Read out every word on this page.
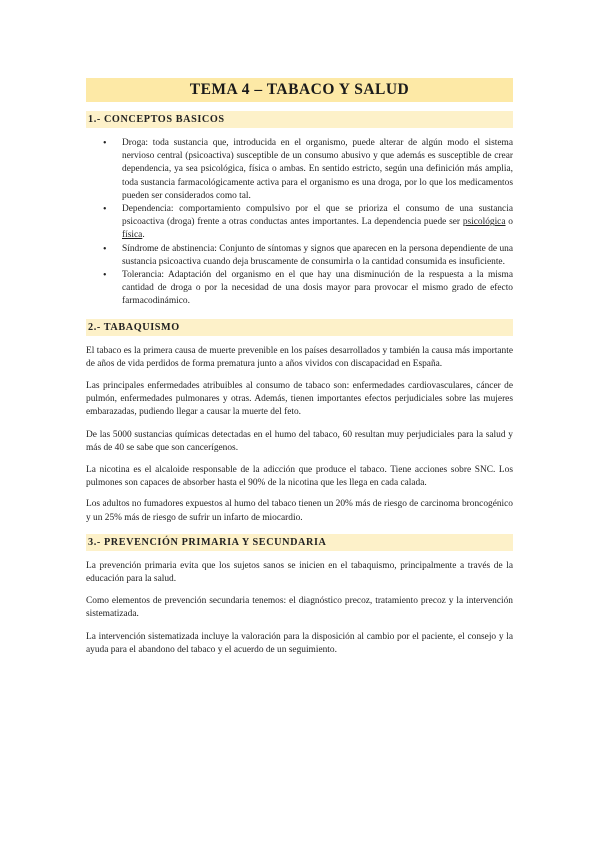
TEMA 4 – TABACO Y SALUD
1.- CONCEPTOS BASICOS
• Droga: toda sustancia que, introducida en el organismo, puede alterar de algún modo el sistema nervioso central (psicoactiva) susceptible de un consumo abusivo y que además es susceptible de crear dependencia, ya sea psicológica, física o ambas. En sentido estricto, según una definición más amplia, toda sustancia farmacológicamente activa para el organismo es una droga, por lo que los medicamentos pueden ser considerados como tal.
• Dependencia: comportamiento compulsivo por el que se prioriza el consumo de una sustancia psicoactiva (droga) frente a otras conductas antes importantes. La dependencia puede ser psicológica o física.
• Síndrome de abstinencia: Conjunto de síntomas y signos que aparecen en la persona dependiente de una sustancia psicoactiva cuando deja bruscamente de consumirla o la cantidad consumida es insuficiente.
• Tolerancia: Adaptación del organismo en el que hay una disminución de la respuesta a la misma cantidad de droga o por la necesidad de una dosis mayor para provocar el mismo grado de efecto farmacodinámico.
2.- TABAQUISMO

El tabaco es la primera causa de muerte prevenible en los países desarrollados y también la causa más importante de años de vida perdidos de forma prematura junto a años vividos con discapacidad en España.

Las principales enfermedades atribuibles al consumo de tabaco son: enfermedades cardiovasculares, cáncer de pulmón, enfermedades pulmonares y otras. Además, tienen importantes efectos perjudiciales sobre las mujeres embarazadas, pudiendo llegar a causar la muerte del feto.

De las 5000 sustancias químicas detectadas en el humo del tabaco, 60 resultan muy perjudiciales para la salud y más de 40 se sabe que son cancerígenos.

La nicotina es el alcaloide responsable de la adicción que produce el tabaco. Tiene acciones sobre SNC. Los pulmones son capaces de absorber hasta el 90% de la nicotina que les llega en cada calada.

Los adultos no fumadores expuestos al humo del tabaco tienen un 20% más de riesgo de carcinoma broncogénico y un 25% más de riesgo de sufrir un infarto de miocardio.

3.- PREVENCIÓN PRIMARIA Y SECUNDARIA

La prevención primaria evita que los sujetos sanos se inicien en el tabaquismo, principalmente a través de la educación para la salud.

Como elementos de prevención secundaria tenemos: el diagnóstico precoz, tratamiento precoz y la intervención sistematizada.

La intervención sistematizada incluye la valoración para la disposición al cambio por el paciente, el consejo y la ayuda para el abandono del tabaco y el acuerdo de un seguimiento.
